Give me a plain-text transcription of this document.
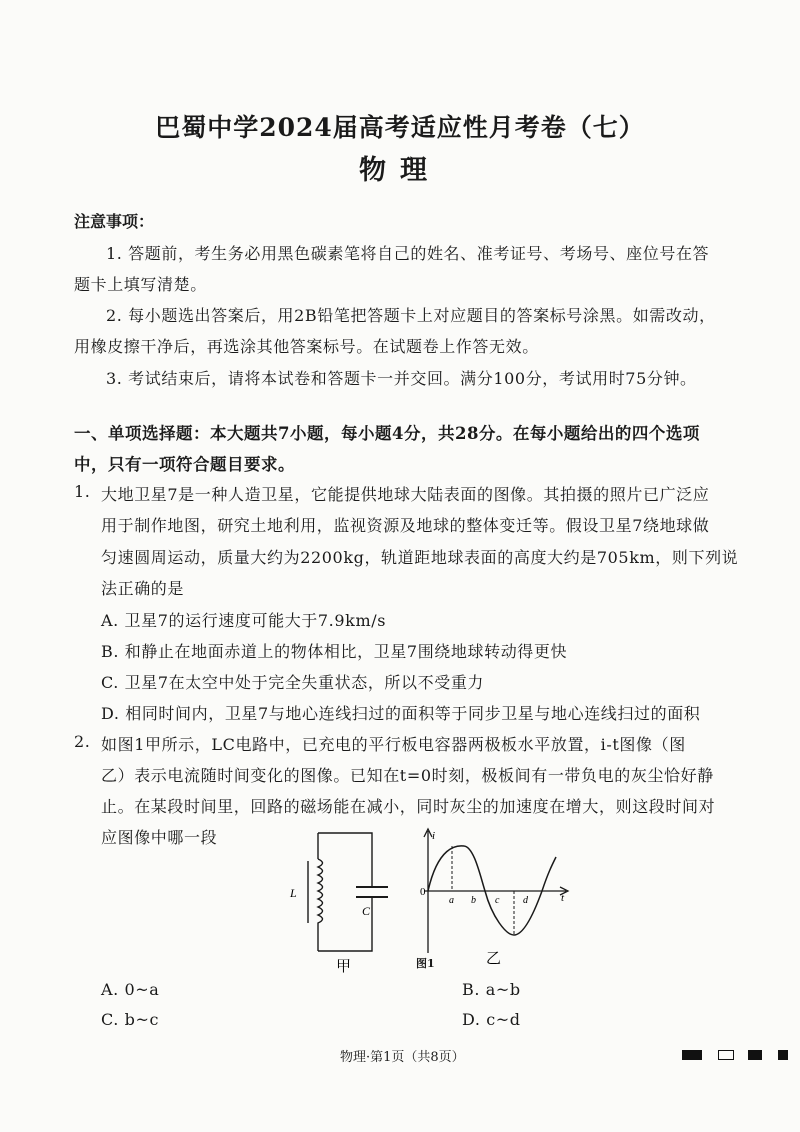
巴蜀中学2024届高考适应性月考卷（七）
物理
注意事项：
1. 答题前，考生务必用黑色碳素笔将自己的姓名、准考证号、考场号、座位号在答
题卡上填写清楚。
2. 每小题选出答案后，用2B铅笔把答题卡上对应题目的答案标号涂黑。如需改动，
用橡皮擦干净后，再选涂其他答案标号。在试题卷上作答无效。
3. 考试结束后，请将本试卷和答题卡一并交回。满分100分，考试用时75分钟。
一、单项选择题：本大题共7小题，每小题4分，共28分。在每小题给出的四个选项
中，只有一项符合题目要求。
1. 大地卫星7是一种人造卫星，它能提供地球大陆表面的图像。其拍摄的照片已广泛应
用于制作地图，研究土地利用，监视资源及地球的整体变迁等。假设卫星7绕地球做
匀速圆周运动，质量大约为2200kg，轨道距地球表面的高度大约是705km，则下列说
法正确的是
A. 卫星7的运行速度可能大于7.9km/s
B. 和静止在地面赤道上的物体相比，卫星7围绕地球转动得更快
C. 卫星7在太空中处于完全失重状态，所以不受重力
D. 相同时间内，卫星7与地心连线扫过的面积等于同步卫星与地心连线扫过的面积
2. 如图1甲所示，LC电路中，已充电的平行板电容器两极板水平放置，i-t图像（图
乙）表示电流随时间变化的图像。已知在t=0时刻，极板间有一带负电的灰尘恰好静
止。在某段时间里，回路的磁场能在减小，同时灰尘的加速度在增大，则这段时间对
应图像中哪一段
L
C
甲
i
0	t
a b c d
乙
图1
A. 0~a	B. a~b
C. b~c	D. c~d
物理·第1页（共8页）
